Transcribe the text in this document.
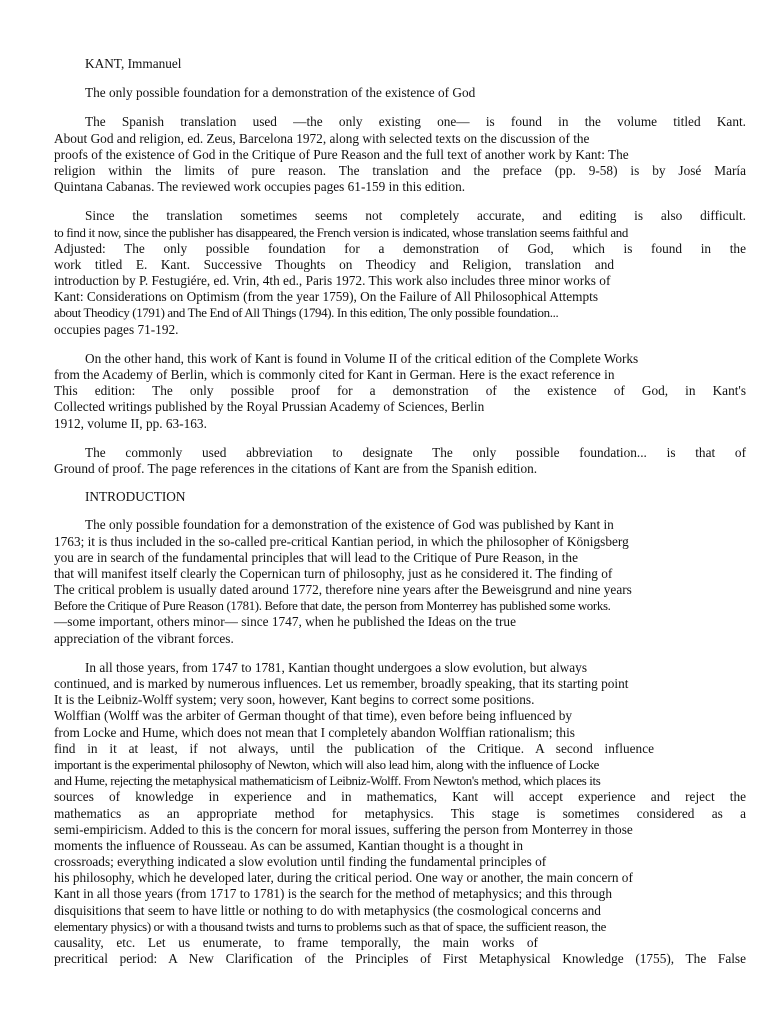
KANT, Immanuel
The only possible foundation for a demonstration of the existence of God
The Spanish translation used —the only existing one— is found in the volume titled Kant.
About God and religion, ed. Zeus, Barcelona 1972, along with selected texts on the discussion of the
proofs of the existence of God in the Critique of Pure Reason and the full text of another work by Kant: The
religion within the limits of pure reason. The translation and the preface (pp. 9-58) is by José María
Quintana Cabanas. The reviewed work occupies pages 61-159 in this edition.
Since the translation sometimes seems not completely accurate, and editing is also difficult.
to find it now, since the publisher has disappeared, the French version is indicated, whose translation seems faithful and
Adjusted: The only possible foundation for a demonstration of God, which is found in the
work titled E. Kant. Successive Thoughts on Theodicy and Religion, translation and
introduction by P. Festugiére, ed. Vrin, 4th ed., Paris 1972. This work also includes three minor works of
Kant: Considerations on Optimism (from the year 1759), On the Failure of All Philosophical Attempts
about Theodicy (1791) and The End of All Things (1794). In this edition, The only possible foundation...
occupies pages 71-192.
On the other hand, this work of Kant is found in Volume II of the critical edition of the Complete Works
from the Academy of Berlin, which is commonly cited for Kant in German. Here is the exact reference in
This edition: The only possible proof for a demonstration of the existence of God, in Kant's
Collected writings published by the Royal Prussian Academy of Sciences, Berlin
1912, volume II, pp. 63-163.
The commonly used abbreviation to designate The only possible foundation... is that of
Ground of proof. The page references in the citations of Kant are from the Spanish edition.
INTRODUCTION
The only possible foundation for a demonstration of the existence of God was published by Kant in
1763; it is thus included in the so-called pre-critical Kantian period, in which the philosopher of Königsberg
you are in search of the fundamental principles that will lead to the Critique of Pure Reason, in the
that will manifest itself clearly the Copernican turn of philosophy, just as he considered it. The finding of
The critical problem is usually dated around 1772, therefore nine years after the Beweisgrund and nine years
Before the Critique of Pure Reason (1781). Before that date, the person from Monterrey has published some works.
—some important, others minor— since 1747, when he published the Ideas on the true
appreciation of the vibrant forces.
In all those years, from 1747 to 1781, Kantian thought undergoes a slow evolution, but always
continued, and is marked by numerous influences. Let us remember, broadly speaking, that its starting point
It is the Leibniz-Wolff system; very soon, however, Kant begins to correct some positions.
Wolffian (Wolff was the arbiter of German thought of that time), even before being influenced by
from Locke and Hume, which does not mean that I completely abandon Wolffian rationalism; this
find in it at least, if not always, until the publication of the Critique. A second influence
important is the experimental philosophy of Newton, which will also lead him, along with the influence of Locke
and Hume, rejecting the metaphysical mathematicism of Leibniz-Wolff. From Newton's method, which places its
sources of knowledge in experience and in mathematics, Kant will accept experience and reject the
mathematics as an appropriate method for metaphysics. This stage is sometimes considered as a
semi-empiricism. Added to this is the concern for moral issues, suffering the person from Monterrey in those
moments the influence of Rousseau. As can be assumed, Kantian thought is a thought in
crossroads; everything indicated a slow evolution until finding the fundamental principles of
his philosophy, which he developed later, during the critical period. One way or another, the main concern of
Kant in all those years (from 1717 to 1781) is the search for the method of metaphysics; and this through
disquisitions that seem to have little or nothing to do with metaphysics (the cosmological concerns and
elementary physics) or with a thousand twists and turns to problems such as that of space, the sufficient reason, the
causality, etc. Let us enumerate, to frame temporally, the main works of
precritical period: A New Clarification of the Principles of First Metaphysical Knowledge (1755), The False
